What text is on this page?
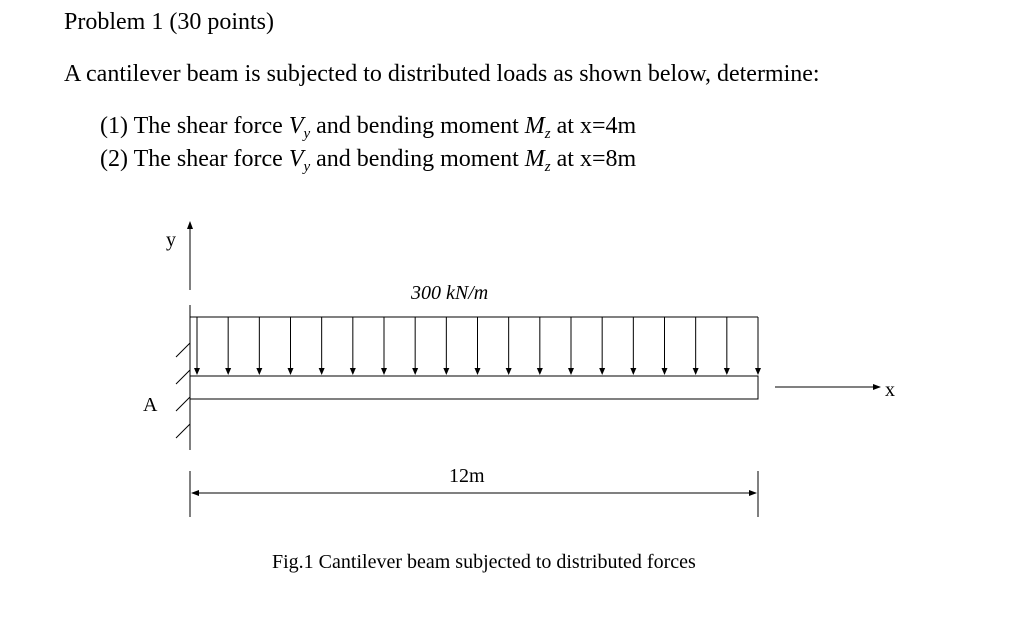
Problem 1 (30 points)
A cantilever beam is subjected to distributed loads as shown below, determine:
(1) The shear force $V_y$ and bending moment $M_z$ at x=4m
(2) The shear force $V_y$ and bending moment $M_z$ at x=8m
y
A
300 kN/m
x
12m
Fig.1 Cantilever beam subjected to distributed forces
